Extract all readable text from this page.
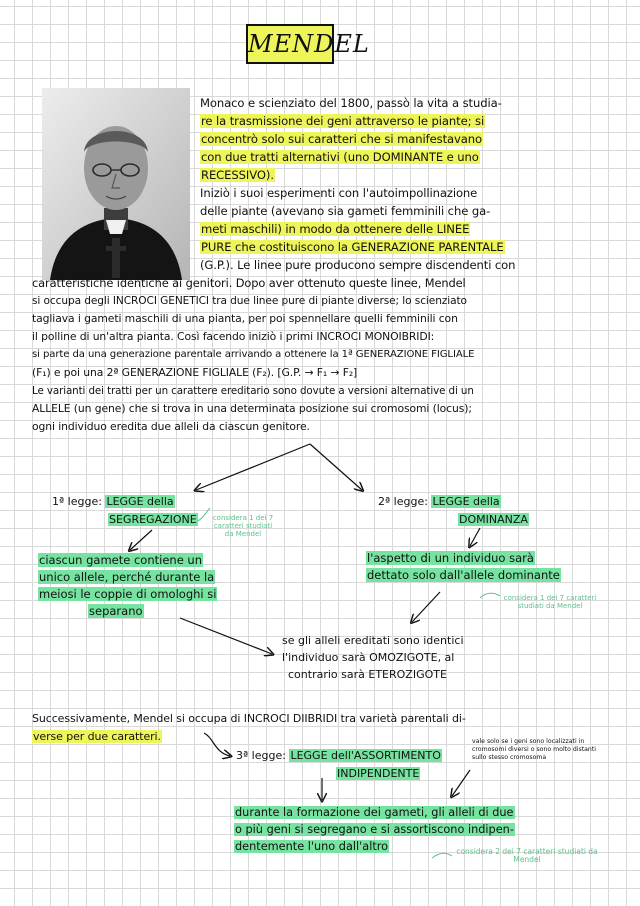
MENDEL
Monaco e scienziato del 1800, passò la vita a studia-
re la trasmissione dei geni attraverso le piante; si
concentrò solo sui caratteri che si manifestavano
con due tratti alternativi (uno DOMINANTE e uno
RECESSIVO).
Iniziò i suoi esperimenti con l'autoimpollinazione
delle piante (avevano sia gameti femminili che ga-
meti maschili) in modo da ottenere delle LINEE
PURE che costituiscono la GENERAZIONE PARENTALE
(G.P.). Le linee pure producono sempre discendenti con
caratteristiche identiche ai genitori. Dopo aver ottenuto queste linee, Mendel
si occupa degli INCROCI GENETICI tra due linee pure di piante diverse; lo scienziato
tagliava i gameti maschili di una pianta, per poi spennellare quelli femminili con
il polline di un'altra pianta. Così facendo iniziò i primi INCROCI MONOIBRIDI:
si parte da una generazione parentale arrivando a ottenere la 1ª GENERAZIONE FIGLIALE
(F₁) e poi una 2ª GENERAZIONE FIGLIALE (F₂). [G.P. → F₁ → F₂]
Le varianti dei tratti per un carattere ereditario sono dovute a versioni alternative di un
ALLELE (un gene) che si trova in una determinata posizione sui cromosomi (locus);
ogni individuo eredita due alleli da ciascun genitore.
1ª legge: LEGGE della
SEGREGAZIONE	considera 1 dei 7 caratteri studiati da Mendel
ciascun gamete contiene un
unico allele, perché durante la
meiosi le coppie di omologhi si
separano
2ª legge: LEGGE della
DOMINANZA
l'aspetto di un individuo sarà
dettato solo dall'allele dominante
considera 1 dei 7 caratteri studiati da Mendel
se gli alleli ereditati sono identici
l'individuo sarà OMOZIGOTE, al
contrario sarà ETEROZIGOTE
Successivamente, Mendel si occupa di INCROCI DIIBRIDI tra varietà parentali di-
verse per due caratteri.
3ª legge: LEGGE dell'ASSORTIMENTO
INDIPENDENTE
vale solo se i geni sono localizzati in cromosomi diversi o sono molto distanti sullo stesso cromosoma
durante la formazione dei gameti, gli alleli di due
o più geni si segregano e si assortiscono indipen-
dentemente l'uno dall'altro	considera 2 dei 7 caratteri studiati da Mendel
